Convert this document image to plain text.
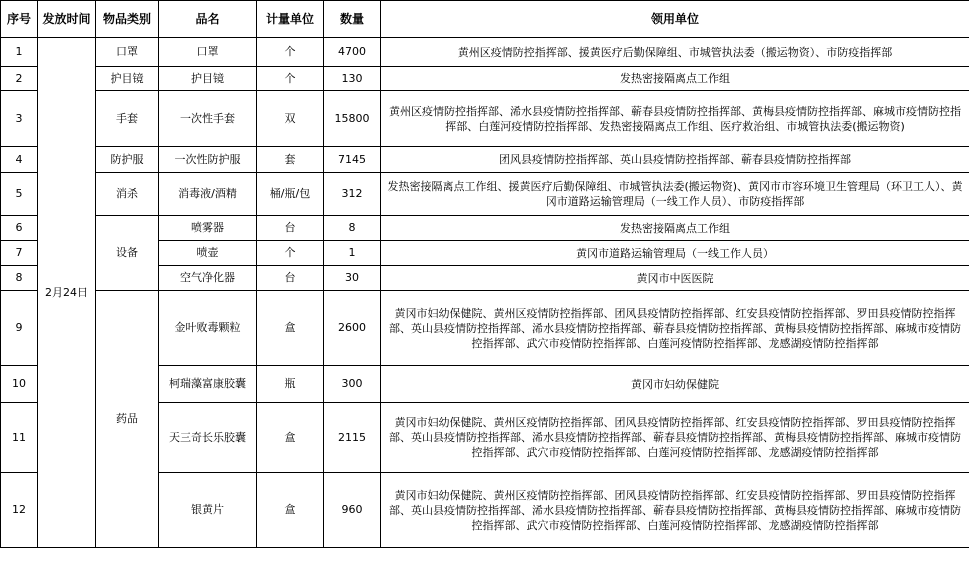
序号	发放时间	物品类别	品名	计量单位	数量	领用单位
1	2月24日	口罩	口罩	个	4700	黄州区疫情防控指挥部、援黄医疗后勤保障组、市城管执法委（搬运物资）、市防疫指挥部
2		护目镜	护目镜	个	130	发热密接隔离点工作组
3		手套	一次性手套	双	15800	黄州区疫情防控指挥部、浠水县疫情防控指挥部、蕲春县疫情防控指挥部、黄梅县疫情防控指挥部、麻城市疫情防控指挥部、白莲河疫情防控指挥部、发热密接隔离点工作组、医疗救治组、市城管执法委(搬运物资)
4		防护服	一次性防护服	套	7145	团风县疫情防控指挥部、英山县疫情防控指挥部、蕲春县疫情防控指挥部
5		消杀	消毒液/酒精	桶/瓶/包	312	发热密接隔离点工作组、援黄医疗后勤保障组、市城管执法委(搬运物资)、黄冈市市容环境卫生管理局（环卫工人）、黄冈市道路运输管理局（一线工作人员）、市防疫指挥部
6		设备	喷雾器	台	8	发热密接隔离点工作组
7			喷壶	个	1	黄冈市道路运输管理局（一线工作人员）
8			空气净化器	台	30	黄冈市中医医院
9		药品	金叶败毒颗粒	盒	2600	黄冈市妇幼保健院、黄州区疫情防控指挥部、团风县疫情防控指挥部、红安县疫情防控指挥部、罗田县疫情防控指挥部、英山县疫情防控指挥部、浠水县疫情防控指挥部、蕲春县疫情防控指挥部、黄梅县疫情防控指挥部、麻城市疫情防控指挥部、武穴市疫情防控指挥部、白莲河疫情防控指挥部、龙感湖疫情防控指挥部
10			柯瑞藻富康胶囊	瓶	300	黄冈市妇幼保健院
11			天三奇长乐胶囊	盒	2115	黄冈市妇幼保健院、黄州区疫情防控指挥部、团风县疫情防控指挥部、红安县疫情防控指挥部、罗田县疫情防控指挥部、英山县疫情防控指挥部、浠水县疫情防控指挥部、蕲春县疫情防控指挥部、黄梅县疫情防控指挥部、麻城市疫情防控指挥部、武穴市疫情防控指挥部、白莲河疫情防控指挥部、龙感湖疫情防控指挥部
12			银黄片	盒	960	黄冈市妇幼保健院、黄州区疫情防控指挥部、团风县疫情防控指挥部、红安县疫情防控指挥部、罗田县疫情防控指挥部、英山县疫情防控指挥部、浠水县疫情防控指挥部、蕲春县疫情防控指挥部、黄梅县疫情防控指挥部、麻城市疫情防控指挥部、武穴市疫情防控指挥部、白莲河疫情防控指挥部、龙感湖疫情防控指挥部
